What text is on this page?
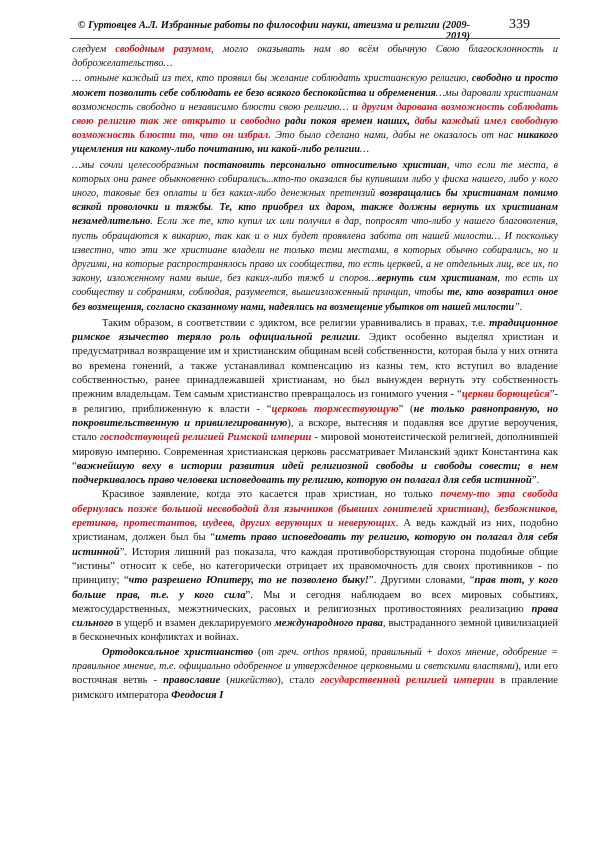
© Гуртовцев А.Л. Избранные работы по философии науки, атеизма и религии (2009-2019)
339

следуем свободным разумом, могло оказывать нам во всём обычную Свою благосклонность и доброжелательство…

… отныне каждый из тех, кто проявил бы желание соблюдать христианскую религию, свободно и просто может позволить себе соблюдать ее безо всякого беспокойства и обременения…мы даровали христианам возможность свободно и независимо блюсти свою религию… и другим дарована возможность соблюдать свою религию так же открыто и свободно ради покоя времен наших, дабы каждый имел свободную возможность блюсти то, что он избрал. Это было сделано нами, дабы не оказалось от нас никакого ущемления ни какому-либо почитанию, ни какой-либо религии…

…мы сочли целесообразным постановить персонально относительно христиан, что если те места, в которых они ранее обыкновенно собирались...кто-то оказался бы купившим либо у фиска нашего, либо у кого иного, таковые без оплаты и без каких-либо денежных претензий возвращались бы христианам помимо всякой проволочки и тяжбы. Те, кто приобрел их даром, также должны вернуть их христианам незамедлительно. Если же те, кто купил их или получил в дар, попросят что-либо у нашего благоволения, пусть обращаются к викарию, так как и о них будет проявлена забота от нашей милости… И поскольку известно, что эти же христиане владели не только теми местами, в которых обычно собирались, но и другими, на которые распространялось право их сообщества, то есть церквей, а не отдельных лиц, все их, по закону, изложенному нами выше, без каких-либо тяжб и споров…вернуть сим христианам, то есть их сообществу и собраниям, соблюдая, разумеется, вышеизложенный принцип, чтобы те, кто возвратил оное без возмещения, согласно сказанному нами, надеялись на возмещение убытков от нашей милости”.

Таким образом, в соответствии с эдиктом, все религии уравнивались в правах, т.е. традиционное римское язычество теряло роль официальной религии. Эдикт особенно выделял христиан и предусматривал возвращение им и христианским общинам всей собственности, которая была у них отнята во времена гонений, а также устанавливал компенсацию из казны тем, кто вступил во владение собственностью, ранее принадлежавшей христианам, но был вынужден вернуть эту собственность прежним владельцам. Тем самым христианство превращалось из гонимого учения - “церкви борющейся”- в религию, приближенную к власти - “церковь торжествующую” (не только равноправную, но покровительственную и привилегированную), а вскоре, вытесняя и подавляя все другие вероучения, стало господствующей религией Римской империи - мировой монотеистической религией, дополнившей мировую империю. Современная христианская церковь рассматривает Миланский эдикт Константина как “важнейшую веху в истории развития идей религиозной свободы и свободы совести; в нем подчеркивалось право человека исповедовать ту религию, которую он полагал для себя истинной”.

Красивое заявление, когда это касается прав христиан, но только почему-то эта свобода обернулась позже большой несвободой для язычников (бывших гонителей христиан), безбожников, еретиков, протестантов, иудеев, других верующих и неверующих. А ведь каждый из них, подобно христианам, должен был бы “иметь право исповедовать ту религию, которую он полагал для себя истинной”. История лишний раз показала, что каждая противоборствующая сторона подобные общие “истины” относит к себе, но категорически отрицает их правомочность для своих противников - по принципу; “что разрешено Юпитеру, то не позволено быку!”. Другими словами, “прав тот, у кого больше прав, т.е. у кого сила”. Мы и сегодня наблюдаем во всех мировых событиях, межгосударственных, межэтнических, расовых и религиозных противостояниях реализацию права сильного в ущерб и взамен декларируемого международного права, выстраданного земной цивилизацией в бесконечных конфликтах и войнах.

Ортодоксальное христианство (от греч. orthos прямой, правильный + doxos мнение, одобрение = правильное мнение, т.е. официально одобренное и утвержденное церковными и светскими властями), или его восточная ветвь - православие (никейство), стало государственной религией империи в правление римского императора Феодосия I
